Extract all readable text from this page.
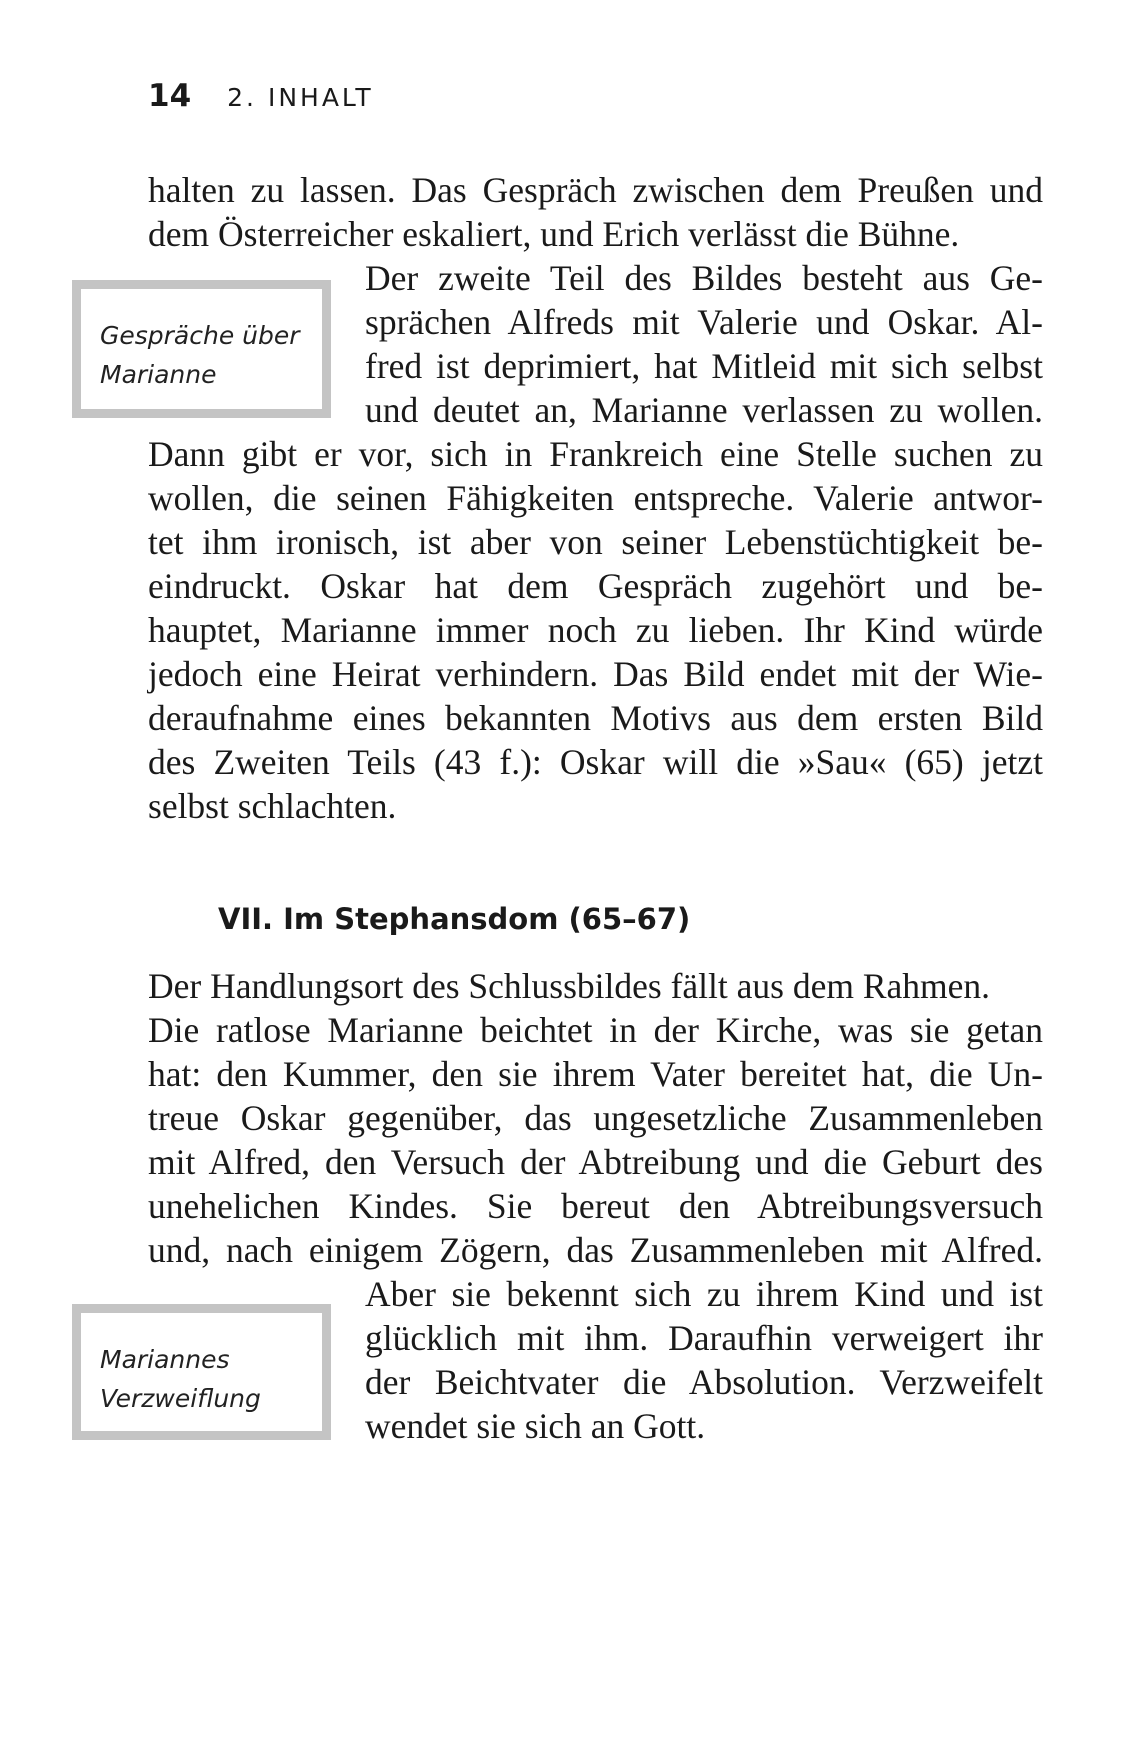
14 2. INHALT
halten zu lassen. Das Gespräch zwischen dem Preußen und
dem Österreicher eskaliert, und Erich verlässt die Bühne.
Der zweite Teil des Bildes besteht aus Ge-
sprächen Alfreds mit Valerie und Oskar. Al-
fred ist deprimiert, hat Mitleid mit sich selbst
und deutet an, Marianne verlassen zu wollen.
Dann gibt er vor, sich in Frankreich eine Stelle suchen zu
wollen, die seinen Fähigkeiten entspreche. Valerie antwor-
tet ihm ironisch, ist aber von seiner Lebenstüchtigkeit be-
eindruckt. Oskar hat dem Gespräch zugehört und be-
hauptet, Marianne immer noch zu lieben. Ihr Kind würde
jedoch eine Heirat verhindern. Das Bild endet mit der Wie-
deraufnahme eines bekannten Motivs aus dem ersten Bild
des Zweiten Teils (43 f.): Oskar will die »Sau« (65) jetzt
selbst schlachten.
Gespräche über
Marianne
VII. Im Stephansdom (65–67)
Der Handlungsort des Schlussbildes fällt aus dem Rahmen.
Die ratlose Marianne beichtet in der Kirche, was sie getan
hat: den Kummer, den sie ihrem Vater bereitet hat, die Un-
treue Oskar gegenüber, das ungesetzliche Zusammenleben
mit Alfred, den Versuch der Abtreibung und die Geburt des
unehelichen Kindes. Sie bereut den Abtreibungsversuch
und, nach einigem Zögern, das Zusammenleben mit Alfred.
Aber sie bekennt sich zu ihrem Kind und ist
glücklich mit ihm. Daraufhin verweigert ihr
der Beichtvater die Absolution. Verzweifelt
wendet sie sich an Gott.
Mariannes
Verzweiflung
